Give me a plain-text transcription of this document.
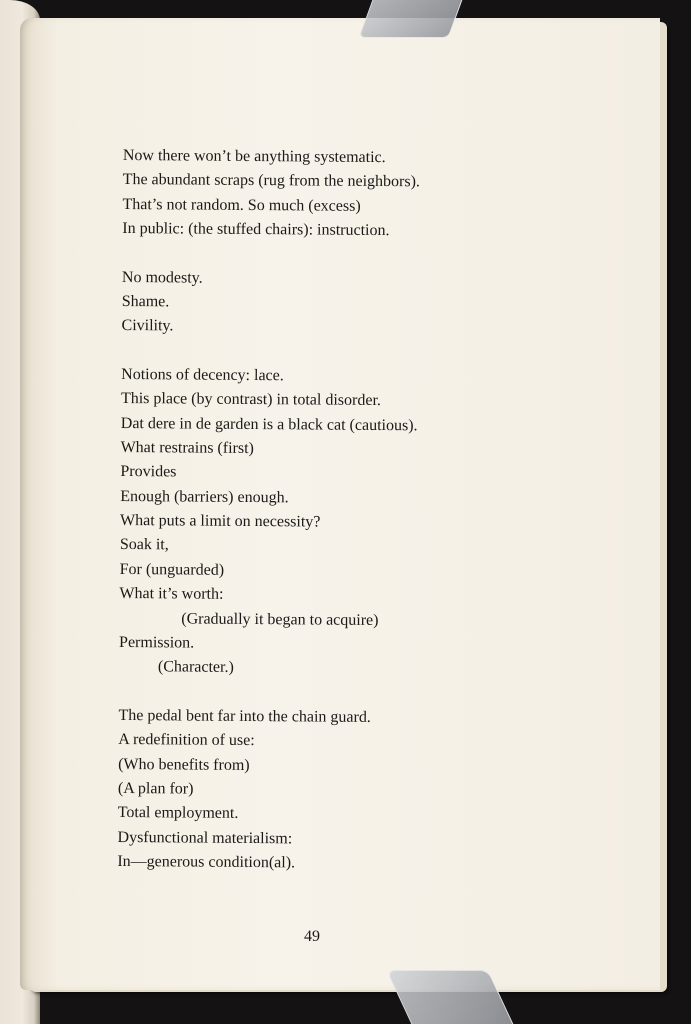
Now there won’t be anything systematic.
The abundant scraps (rug from the neighbors).
That’s not random. So much (excess)
In public: (the stuffed chairs): instruction.
No modesty.
Shame.
Civility.
Notions of decency: lace.
This place (by contrast) in total disorder.
Dat dere in de garden is a black cat (cautious).
What restrains (first)
Provides
Enough (barriers) enough.
What puts a limit on necessity?
Soak it,
For (unguarded)
What it’s worth:
(Gradually it began to acquire)
Permission.
(Character.)
The pedal bent far into the chain guard.
A redefinition of use:
(Who benefits from)
(A plan for)
Total employment.
Dysfunctional materialism:
In—generous condition(al).
49
